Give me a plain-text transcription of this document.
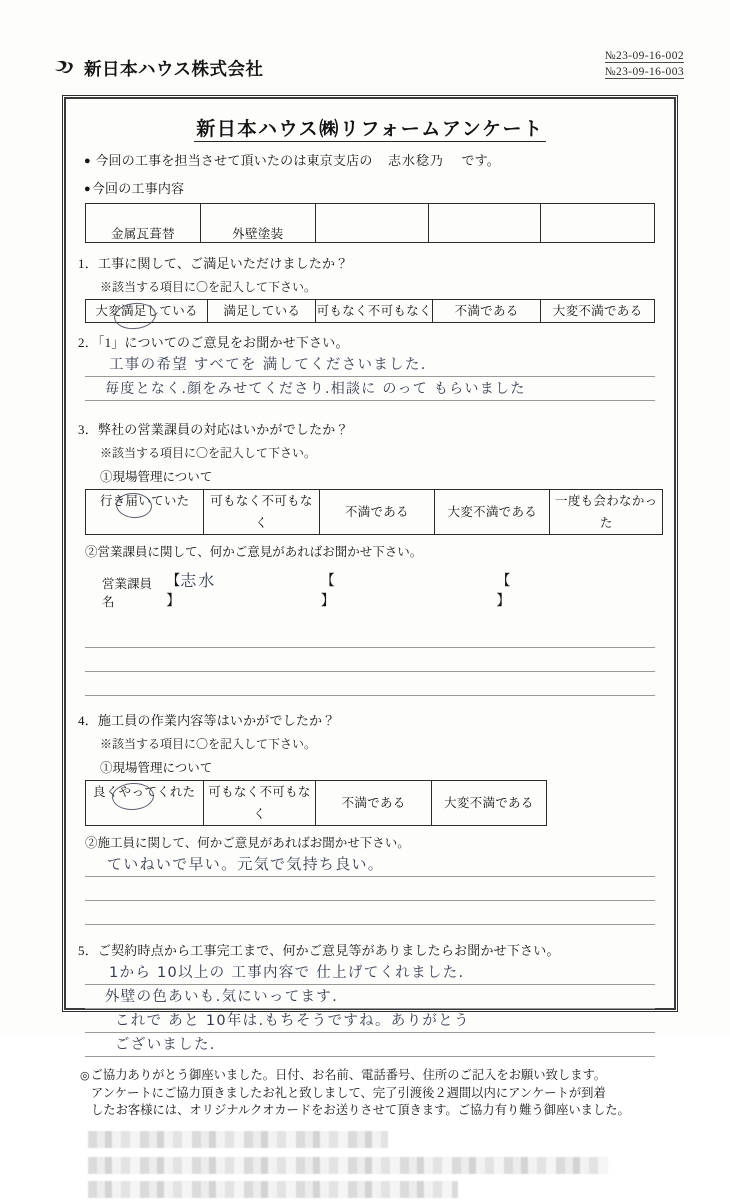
新日本ハウス株式会社
№23-09-16-002
№23-09-16-003
新日本ハウス㈱リフォームアンケート
● 今回の工事を担当させて頂いたのは東京支店の 志水稔乃 です。
● 今回の工事内容
金属瓦葺替	外壁塗装			
1．工事に関して、ご満足いただけましたか？
※該当する項目に〇を記入して下さい。
大変満足している	満足している	可もなく不可もなく	不満である	大変不満である
2．「1」についてのご意見をお聞かせ下さい。
工事の希望 すべてを 満してくださいました.
毎度となく.顔をみせてくださり.相談に のって もらいました
3．弊社の営業課員の対応はいかがでしたか？
※該当する項目に〇を記入して下さい。
①現場管理について
行き届いていた	可もなく不可もなく	不満である	大変不満である	一度も会わなかった
②営業課員に関して、何かご意見があればお聞かせ下さい。
営業課員名
【志水】
【】
【】
4．施工員の作業内容等はいかがでしたか？
※該当する項目に〇を記入して下さい。
①現場管理について
良くやってくれた	可もなく不可もなく	不満である	大変不満である
②施工員に関して、何かご意見があればお聞かせ下さい。
ていねいで早い。元気で気持ち良い。
5．ご契約時点から工事完工まで、何かご意見等がありましたらお聞かせ下さい。
1から 10以上の 工事内容で 仕上げてくれました.
外壁の色あいも.気にいってます.
これで あと 10年は.もちそうですね。ありがとう
ございました.
◎ ご協力ありがとう御座いました。日付、お名前、電話番号、住所のご記入をお願い致します。
アンケートにご協力頂きましたお礼と致しまして、完了引渡後２週間以内にアンケートが到着
したお客様には、オリジナルクオカードをお送りさせて頂きます。ご協力有り難う御座いました。
